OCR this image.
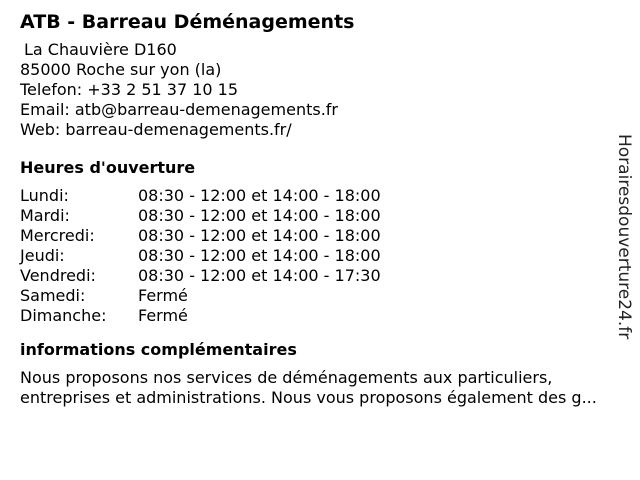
ATB - Barreau Déménagements
La Chauvière D160
85000 Roche sur yon (la)
Telefon: +33 2 51 37 10 15
Email: atb@barreau-demenagements.fr
Web: barreau-demenagements.fr/
Heures d'ouverture
Lundi:	08:30 - 12:00 et 14:00 - 18:00
Mardi:	08:30 - 12:00 et 14:00 - 18:00
Mercredi:	08:30 - 12:00 et 14:00 - 18:00
Jeudi:	08:30 - 12:00 et 14:00 - 18:00
Vendredi:	08:30 - 12:00 et 14:00 - 17:30
Samedi:	Fermé
Dimanche:	Fermé
informations complémentaires
Nous proposons nos services de déménagements aux particuliers, entreprises et administrations. Nous vous proposons également des g...
Horairesdouverture24.fr
